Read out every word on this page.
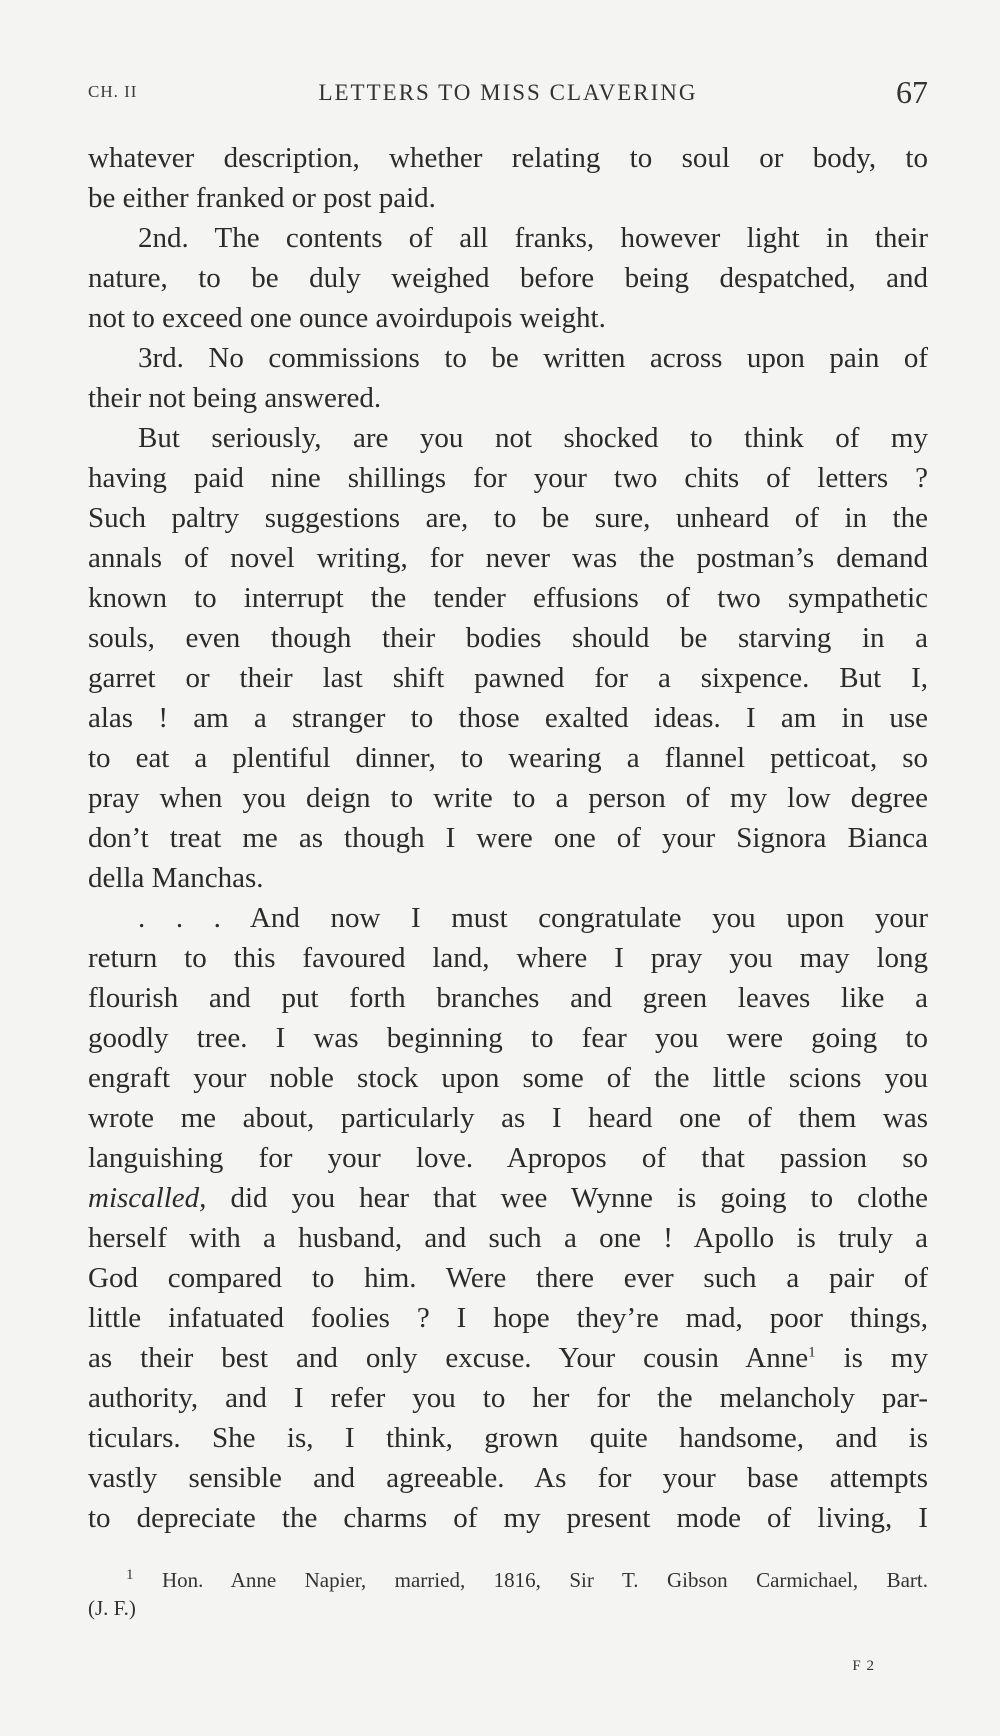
CH. II	LETTERS TO MISS CLAVERING	67
whatever description, whether relating to soul or body, to
be either franked or post paid.
2nd. The contents of all franks, however light in their
nature, to be duly weighed before being despatched, and
not to exceed one ounce avoirdupois weight.
3rd. No commissions to be written across upon pain of
their not being answered.
But seriously, are you not shocked to think of my
having paid nine shillings for your two chits of letters ?
Such paltry suggestions are, to be sure, unheard of in the
annals of novel writing, for never was the postman’s demand
known to interrupt the tender effusions of two sympathetic
souls, even though their bodies should be starving in a
garret or their last shift pawned for a sixpence. But I,
alas ! am a stranger to those exalted ideas. I am in use
to eat a plentiful dinner, to wearing a flannel petticoat, so
pray when you deign to write to a person of my low degree
don’t treat me as though I were one of your Signora Bianca
della Manchas.
. . . And now I must congratulate you upon your
return to this favoured land, where I pray you may long
flourish and put forth branches and green leaves like a
goodly tree. I was beginning to fear you were going to
engraft your noble stock upon some of the little scions you
wrote me about, particularly as I heard one of them was
languishing for your love. Apropos of that passion so
miscalled, did you hear that wee Wynne is going to clothe
herself with a husband, and such a one ! Apollo is truly a
God compared to him. Were there ever such a pair of
little infatuated foolies ? I hope they’re mad, poor things,
as their best and only excuse. Your cousin Anne$^1$ is my
authority, and I refer you to her for the melancholy par-
ticulars. She is, I think, grown quite handsome, and is
vastly sensible and agreeable. As for your base attempts
to depreciate the charms of my present mode of living, I
$^1$ Hon. Anne Napier, married, 1816, Sir T. Gibson Carmichael, Bart.
(J. F.)
F 2
